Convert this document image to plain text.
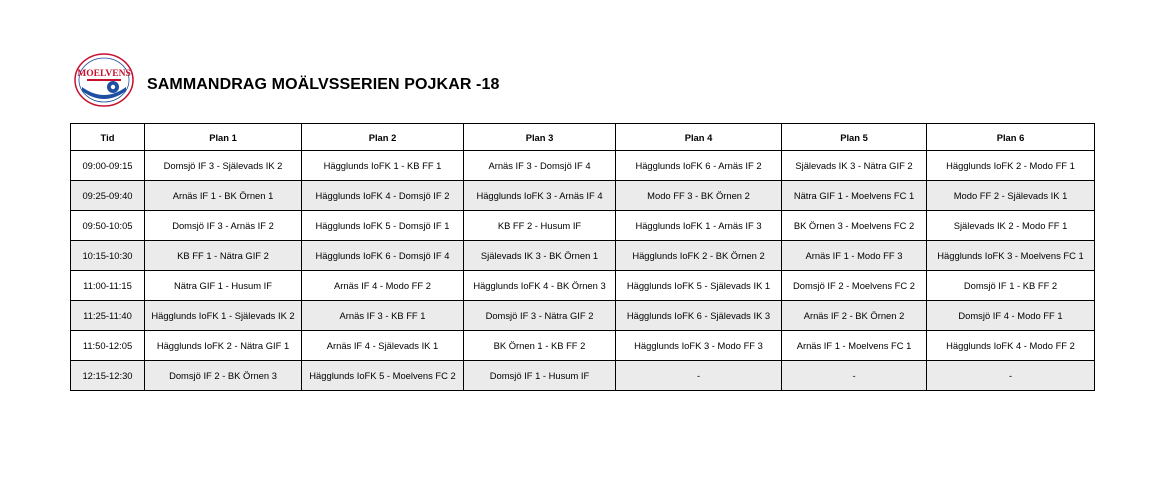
MOELVENS
SAMMANDRAG MOÄLVSSERIEN POJKAR -18
Tid	Plan 1	Plan 2	Plan 3	Plan 4	Plan 5	Plan 6
09:00-09:15	Domsjö IF 3 - Själevads IK 2	Hägglunds IoFK 1 - KB FF 1	Arnäs IF 3 - Domsjö IF 4	Hägglunds IoFK 6 - Arnäs IF 2	Själevads IK 3 - Nätra GIF 2	Hägglunds IoFK 2 - Modo FF 1
09:25-09:40	Arnäs IF 1 - BK Örnen 1	Hägglunds IoFK 4 - Domsjö IF 2	Hägglunds IoFK 3 - Arnäs IF 4	Modo FF 3 - BK Örnen 2	Nätra GIF 1 - Moelvens FC 1	Modo FF 2 - Själevads IK 1
09:50-10:05	Domsjö IF 3 - Arnäs IF 2	Hägglunds IoFK 5 - Domsjö IF 1	KB FF 2 - Husum IF	Hägglunds IoFK 1 - Arnäs IF 3	BK Örnen 3 - Moelvens FC 2	Själevads IK 2 - Modo FF 1
10:15-10:30	KB FF 1 - Nätra GIF 2	Hägglunds IoFK 6 - Domsjö IF 4	Själevads IK 3 - BK Örnen 1	Hägglunds IoFK 2 - BK Örnen 2	Arnäs IF 1 - Modo FF 3	Hägglunds IoFK 3 - Moelvens FC 1
11:00-11:15	Nätra GIF 1 - Husum IF	Arnäs IF 4 - Modo FF 2	Hägglunds IoFK 4 - BK Örnen 3	Hägglunds IoFK 5 - Själevads IK 1	Domsjö IF 2 - Moelvens FC 2	Domsjö IF 1 - KB FF 2
11:25-11:40	Hägglunds IoFK 1 - Själevads IK 2	Arnäs IF 3 - KB FF 1	Domsjö IF 3 - Nätra GIF 2	Hägglunds IoFK 6 - Själevads IK 3	Arnäs IF 2 - BK Örnen 2	Domsjö IF 4 - Modo FF 1
11:50-12:05	Hägglunds IoFK 2 - Nätra GIF 1	Arnäs IF 4 - Själevads IK 1	BK Örnen 1 - KB FF 2	Hägglunds IoFK 3 - Modo FF 3	Arnäs IF 1 - Moelvens FC 1	Hägglunds IoFK 4 - Modo FF 2
12:15-12:30	Domsjö IF 2 - BK Örnen 3	Hägglunds IoFK 5 - Moelvens FC 2	Domsjö IF 1 - Husum IF	-	-	-
